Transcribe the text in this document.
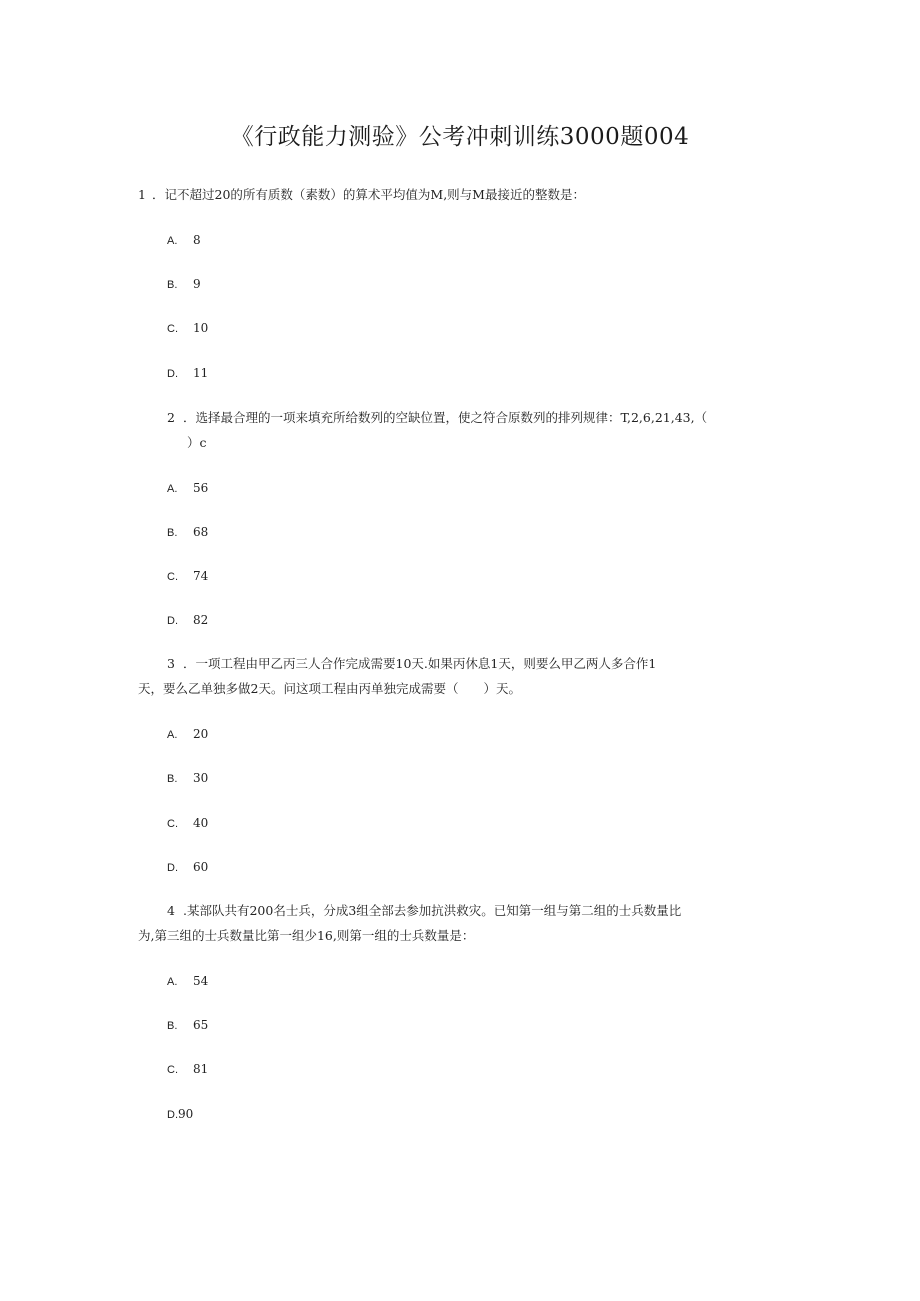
《行政能力测验》公考冲刺训练3000题004
1 ．记不超过20的所有质数（素数）的算术平均值为M,则与M最接近的整数是：
A. 8
B. 9
C. 10
D. 11
2 ．选择最合理的一项来填充所给数列的空缺位置，使之符合原数列的排列规律：T,2,6,21,43,（
）c
A. 56
B. 68
C. 74
D. 82
3 ．一项工程由甲乙丙三人合作完成需要10天.如果丙休息1天，则要么甲乙两人多合作1
天，要么乙单独多做2天。问这项工程由丙单独完成需要（　　）天。
A. 20
B. 30
C. 40
D. 60
4 .某部队共有200名士兵，分成3组全部去参加抗洪救灾。已知第一组与第二组的士兵数量比
为,第三组的士兵数量比第一组少16,则第一组的士兵数量是：
A. 54
B. 65
C. 81
D.90
